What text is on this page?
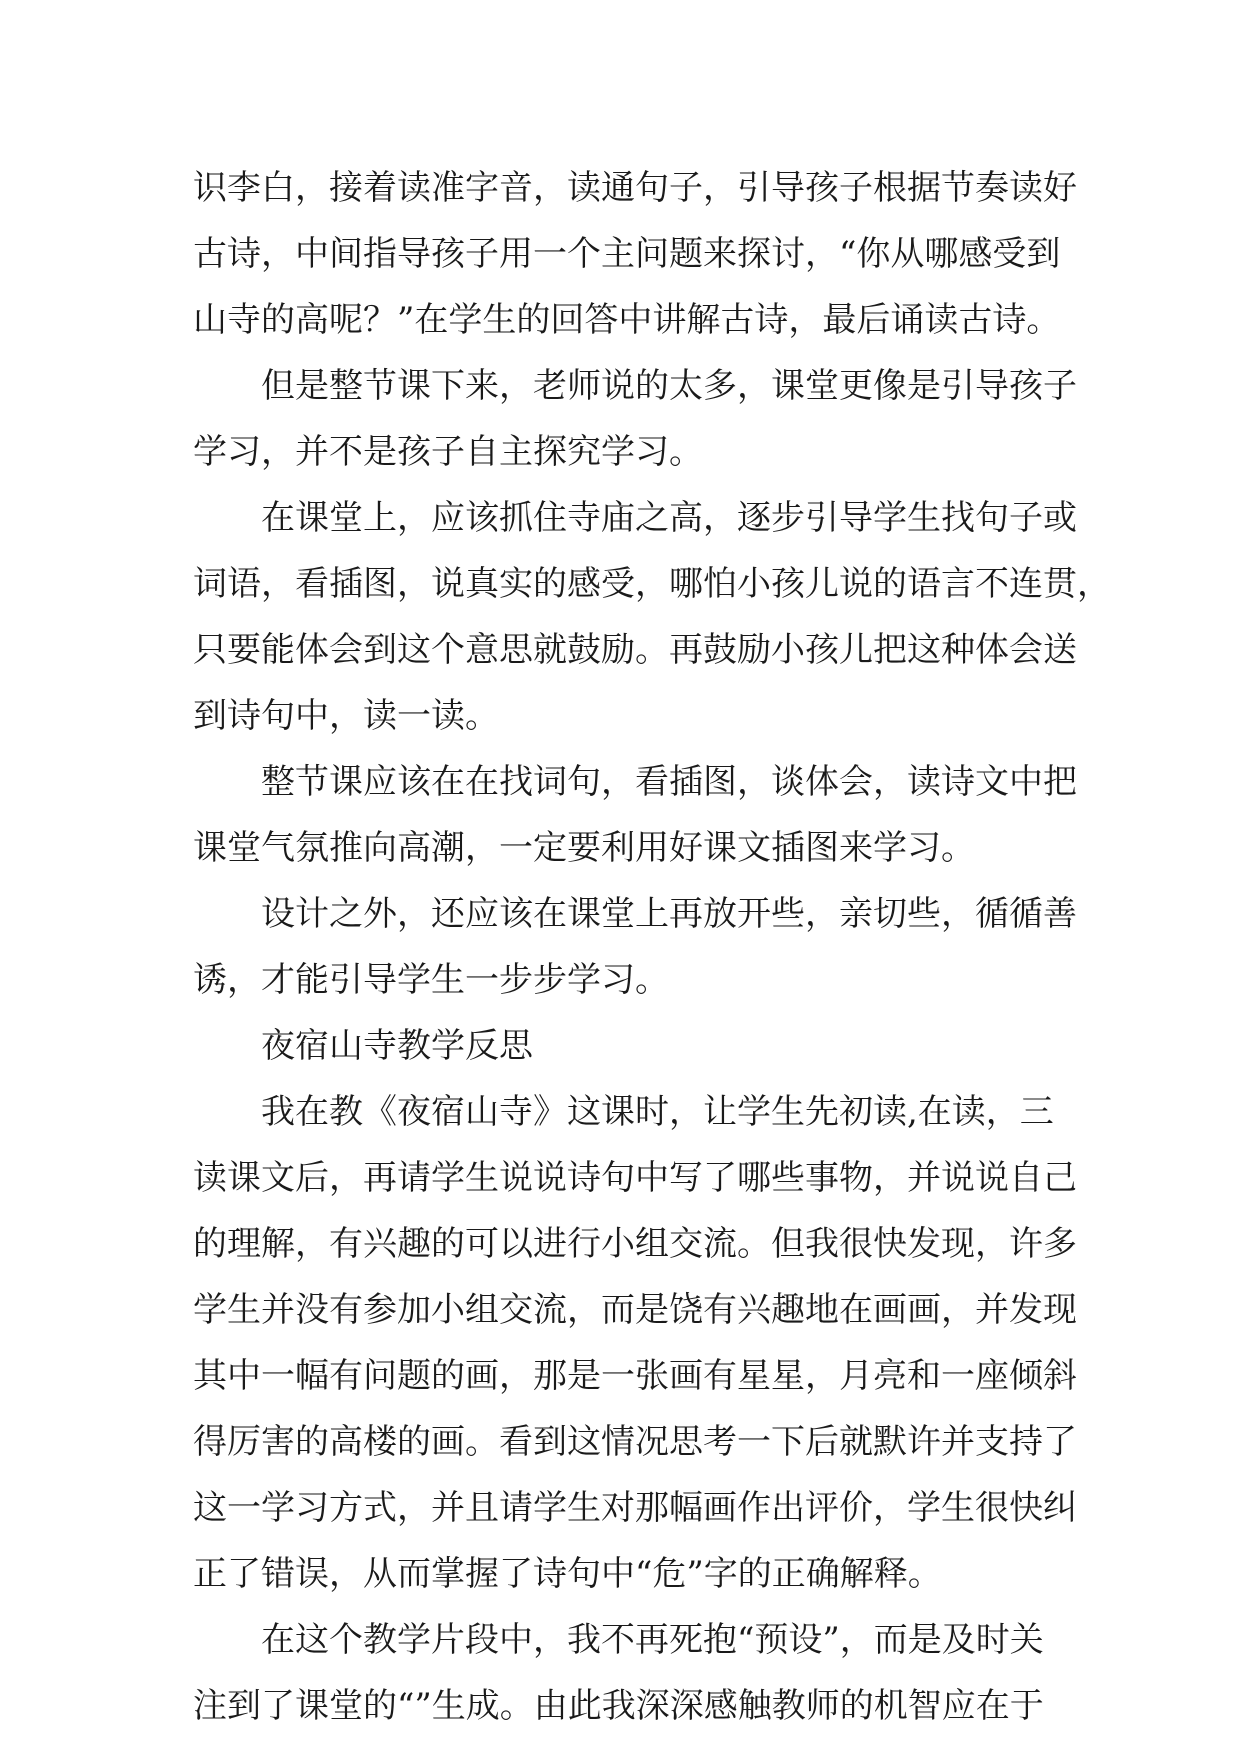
识李白，接着读准字音，读通句子，引导孩子根据节奏读好
古诗，中间指导孩子用一个主问题来探讨，“你从哪感受到
山寺的高呢？”在学生的回答中讲解古诗，最后诵读古诗。
但是整节课下来，老师说的太多，课堂更像是引导孩子
学习，并不是孩子自主探究学习。
在课堂上，应该抓住寺庙之高，逐步引导学生找句子或
词语，看插图，说真实的感受，哪怕小孩儿说的语言不连贯，
只要能体会到这个意思就鼓励。再鼓励小孩儿把这种体会送
到诗句中，读一读。
整节课应该在在找词句，看插图，谈体会，读诗文中把
课堂气氛推向高潮，一定要利用好课文插图来学习。
设计之外，还应该在课堂上再放开些，亲切些，循循善
诱，才能引导学生一步步学习。
夜宿山寺教学反思
我在教《夜宿山寺》这课时，让学生先初读,在读，三
读课文后，再请学生说说诗句中写了哪些事物，并说说自己
的理解，有兴趣的可以进行小组交流。但我很快发现，许多
学生并没有参加小组交流，而是饶有兴趣地在画画，并发现
其中一幅有问题的画，那是一张画有星星，月亮和一座倾斜
得厉害的高楼的画。看到这情况思考一下后就默许并支持了
这一学习方式，并且请学生对那幅画作出评价，学生很快纠
正了错误，从而掌握了诗句中“危”字的正确解释。
在这个教学片段中，我不再死抱“预设”，而是及时关
注到了课堂的“”生成。由此我深深感触教师的机智应在于
